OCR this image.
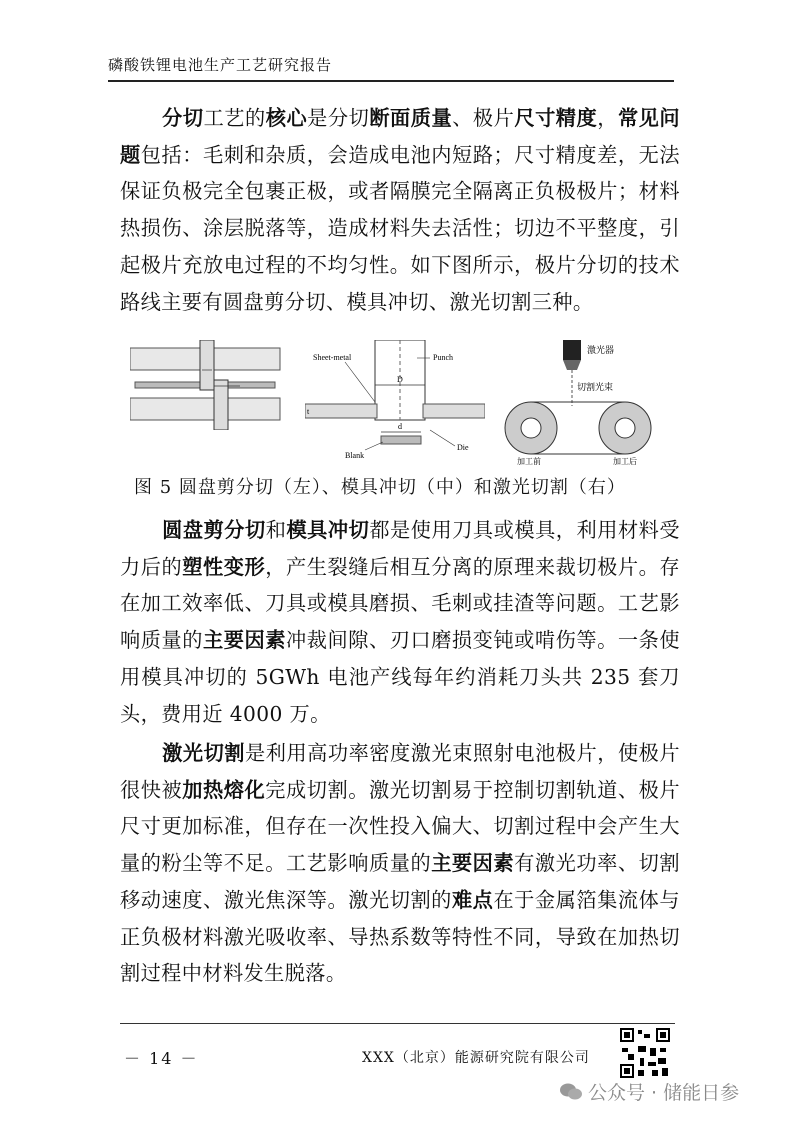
磷酸铁锂电池生产工艺研究报告

分切工艺的核心是分切断面质量、极片尺寸精度，常见问题包括：毛刺和杂质，会造成电池内短路；尺寸精度差，无法保证负极完全包裹正极，或者隔膜完全隔离正负极极片；材料热损伤、涂层脱落等，造成材料失去活性；切边不平整度，引起极片充放电过程的不均匀性。如下图所示，极片分切的技术路线主要有圆盘剪分切、模具冲切、激光切割三种。

Sheet-metal	Punch
D
d
t
Blank
Die
激光器
切割光束
加工前	加工后
图 5 圆盘剪分切（左）、模具冲切（中）和激光切割（右）

圆盘剪分切和模具冲切都是使用刀具或模具，利用材料受力后的塑性变形，产生裂缝后相互分离的原理来裁切极片。存在加工效率低、刀具或模具磨损、毛刺或挂渣等问题。工艺影响质量的主要因素冲裁间隙、刃口磨损变钝或啃伤等。一条使用模具冲切的 5GWh 电池产线每年约消耗刀头共 235 套刀头，费用近 4000 万。

激光切割是利用高功率密度激光束照射电池极片，使极片很快被加热熔化完成切割。激光切割易于控制切割轨道、极片尺寸更加标准，但存在一次性投入偏大、切割过程中会产生大量的粉尘等不足。工艺影响质量的主要因素有激光功率、切割移动速度、激光焦深等。激光切割的难点在于金属箔集流体与正负极材料激光吸收率、导热系数等特性不同，导致在加热切割过程中材料发生脱落。

－ 14 －	XXX（北京）能源研究院有限公司
公众号 · 储能日参
